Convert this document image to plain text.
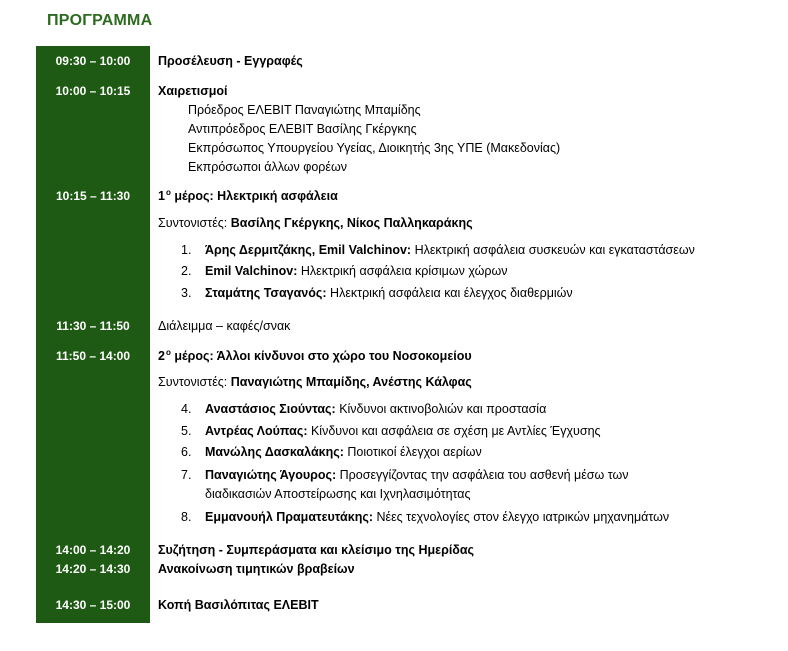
ΠΡΟΓΡΑΜΜΑ
09:30 – 10:00	Προσέλευση - Εγγραφές
10:00 – 10:15	Χαιρετισμοί
Πρόεδρος ΕΛΕΒΙΤ Παναγιώτης Μπαμίδης
Αντιπρόεδρος ΕΛΕΒΙΤ Βασίλης Γκέργκης
Εκπρόσωπος Υπουργείου Υγείας, Διοικητής 3ης ΥΠΕ (Μακεδονίας)
Εκπρόσωποι άλλων φορέων
10:15 – 11:30	$1^o$ μέρος: Ηλεκτρική ασφάλεια
Συντονιστές: Βασίλης Γκέργκης, Νίκος Παλληκαράκης
1. Άρης Δερμιτζάκης, Emil Valchinov: Ηλεκτρική ασφάλεια συσκευών και εγκαταστάσεων
2. Emil Valchinov: Ηλεκτρική ασφάλεια κρίσιμων χώρων
3. Σταμάτης Τσαγανός: Ηλεκτρική ασφάλεια και έλεγχος διαθερμιών
11:30 – 11:50	Διάλειμμα – καφές/σνακ
11:50 – 14:00	$2^o$ μέρος: Άλλοι κίνδυνοι στο χώρο του Νοσοκομείου
Συντονιστές: Παναγιώτης Μπαμίδης, Ανέστης Κάλφας
4. Αναστάσιος Σιούντας: Κίνδυνοι ακτινοβολιών και προστασία
5. Αντρέας Λούπας: Κίνδυνοι και ασφάλεια σε σχέση με Αντλίες Έγχυσης
6. Μανώλης Δασκαλάκης: Ποιοτικοί έλεγχοι αερίων
7. Παναγιώτης Άγουρος: Προσεγγίζοντας την ασφάλεια του ασθενή μέσω των
διαδικασιών Αποστείρωσης και Ιχνηλασιμότητας
8. Εμμανουήλ Πραματευτάκης: Νέες τεχνολογίες στον έλεγχο ιατρικών μηχανημάτων
14:00 – 14:20	Συζήτηση - Συμπεράσματα και κλείσιμο της Ημερίδας
14:20 – 14:30	Ανακοίνωση τιμητικών βραβείων
14:30 – 15:00	Κοπή Βασιλόπιτας ΕΛΕΒΙΤ
